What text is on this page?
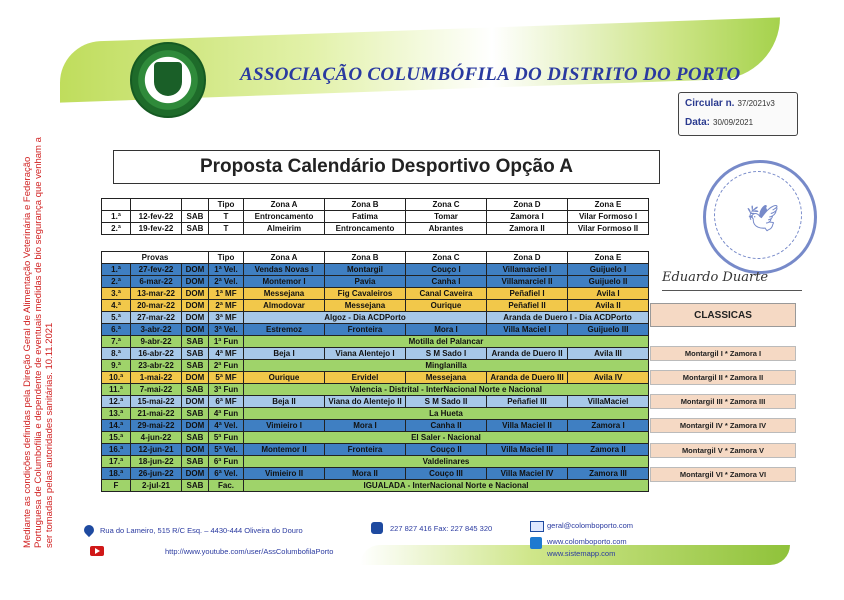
ASSOCIAÇÃO COLUMBÓFILA DO DISTRITO DO PORTO
Circular n. 37/2021v3
Data: 30/09/2021
Proposta Calendário Desportivo Opção A
🕊
Eduardo Duarte
Mediante as condições definidas pela Direção Geral de Alimentação Veterinária e Federação Portuguesa de Columbofilia e dependente de eventuais medidas de bio segurança que venham a ser tomadas pelas autoridades sanitárias. 10.11.2021
			Tipo	Zona A	Zona B	Zona C	Zona D	Zona E
1.ª	12-fev-22	SAB	T	Entroncamento	Fatima	Tomar	Zamora I	Vilar Formoso I
2.ª	19-fev-22	SAB	T	Almeirim	Entroncamento	Abrantes	Zamora II	Vilar Formoso II
Provas			Tipo	Zona A	Zona B	Zona C	Zona D	Zona E
1.ª	27-fev-22	DOM	1ª Vel.	Vendas Novas I	Montargil	Couço I	Villamarciel I	Guijuelo I
2.ª	6-mar-22	DOM	2ª Vel.	Montemor I	Pavia	Canha I	Villamarciel II	Guijuelo II
3.ª	13-mar-22	DOM	1ª MF	Messejana	Fig Cavaleiros	Canal Caveira	Peñafiel I	Avila I
4.ª	20-mar-22	DOM	2ª MF	Almodovar	Messejana	Ourique	Peñafiel II	Avila II
5.ª	27-mar-22	DOM	3ª MF	Algoz - Dia ACDPorto			Aranda de Duero I - Dia ACDPorto	
6.ª	3-abr-22	DOM	3ª Vel.	Estremoz	Fronteira	Mora I	Villa Maciel I	Guijuelo III
7.ª	9-abr-22	SAB	1ª Fun	Motilla del Palancar				
8.ª	16-abr-22	SAB	4ª MF	Beja I	Viana Alentejo I	S M Sado I	Aranda de Duero II	Avila III
9.ª	23-abr-22	SAB	2ª Fun	Minglanilla				
10.ª	1-mai-22	DOM	5ª MF	Ourique	Ervidel	Messejana	Aranda de Duero III	Avila IV
11.ª	7-mai-22	SAB	3ª Fun	Valencia - Distrital - InterNacional Norte e Nacional				
12.ª	15-mai-22	DOM	6ª MF	Beja II	Viana do Alentejo II	S M Sado II	Peñafiel III	VillaMaciel
13.ª	21-mai-22	SAB	4ª Fun	La Hueta				
14.ª	29-mai-22	DOM	4ª Vel.	Vimieiro I	Mora I	Canha II	Villa Maciel II	Zamora I
15.ª	4-jun-22	SAB	5ª Fun	El Saler - Nacional				
16.ª	12-jun-21	DOM	5ª Vel.	Montemor II	Fronteira	Couço II	Villa Maciel III	Zamora II
17.ª	18-jun-22	SAB	6ª Fun	Valdelinares				
18.ª	26-jun-22	DOM	6ª Vel.	Vimieiro II	Mora II	Couço III	Villa Maciel IV	Zamora III
F	2-jul-21	SAB	Fac.	IGUALADA - InterNacional Norte e Nacional				
CLASSICAS
Montargil I * Zamora I
Montargil II * Zamora II
Montargil III * Zamora III
Montargil IV * Zamora IV
Montargil V * Zamora V
Montargil VI * Zamora VI
Rua do Lameiro, 515 R/C Esq. – 4430-444 Oliveira do Douro
http://www.youtube.com/user/AssColumbofilaPorto
227 827 416 Fax: 227 845 320	geral@colomboporto.com
www.colomboporto.com
www.sistemapp.com
